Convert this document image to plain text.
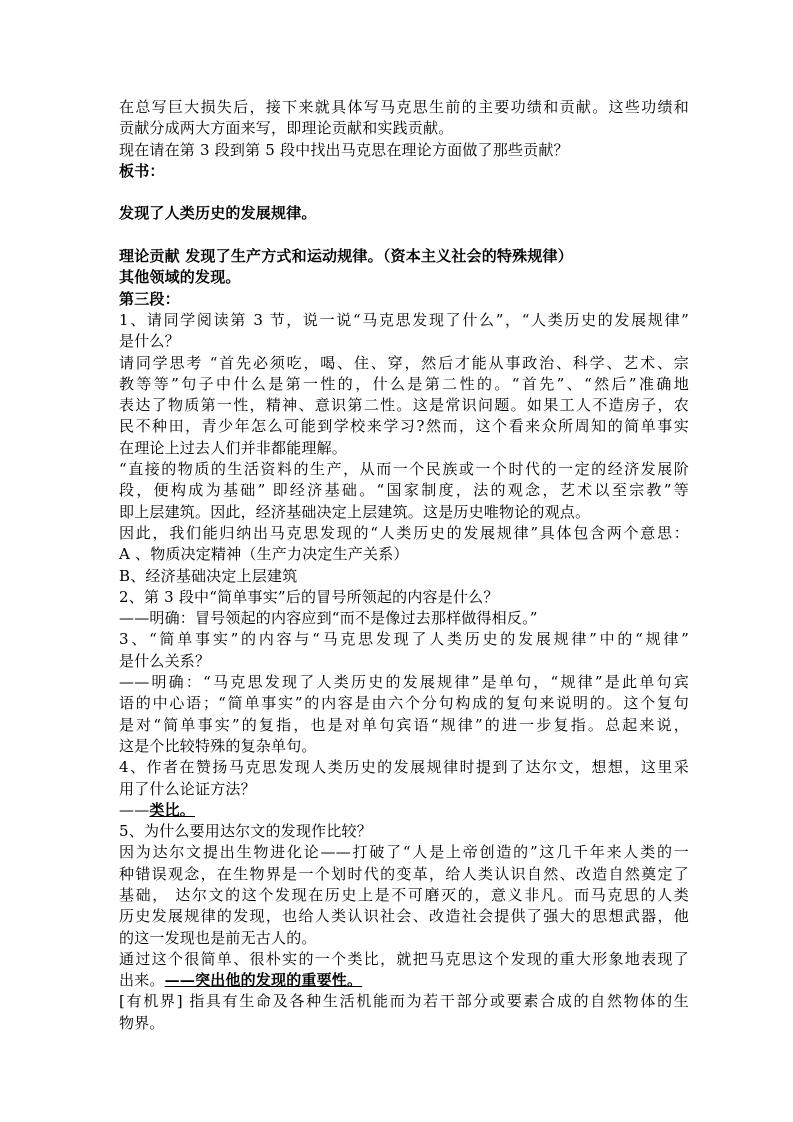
在总写巨大损失后，接下来就具体写马克思生前的主要功绩和贡献。这些功绩和
贡献分成两大方面来写，即理论贡献和实践贡献。
现在请在第 3 段到第 5 段中找出马克思在理论方面做了那些贡献？
板书：
发现了人类历史的发展规律。
理论贡献 发现了生产方式和运动规律。（资本主义社会的特殊规律）
其他领域的发现。
第三段：
1、请同学阅读第 3 节，说一说“马克思发现了什么”，“人类历史的发展规律”
是什么？
请同学思考 “首先必须吃，喝、住、穿，然后才能从事政治、科学、艺术、宗
教等等”句子中什么是第一性的，什么是第二性的。“首先”、“然后”准确地
表达了物质第一性，精神、意识第二性。这是常识问题。如果工人不造房子，农
民不种田，青少年怎么可能到学校来学习?然而，这个看来众所周知的简单事实
在理论上过去人们并非都能理解。
“直接的物质的生活资料的生产，从而一个民族或一个时代的一定的经济发展阶
段，便构成为基础” 即经济基础。“国家制度，法的观念，艺术以至宗教”等
即上层建筑。因此，经济基础决定上层建筑。这是历史唯物论的观点。
因此，我们能归纳出马克思发现的“人类历史的发展规律”具体包含两个意思：
A 、物质决定精神（生产力决定生产关系）
B、经济基础决定上层建筑
2、第 3 段中“简单事实”后的冒号所领起的内容是什么？
——明确：冒号领起的内容应到“而不是像过去那样做得相反。”
3、“简单事实”的内容与“马克思发现了人类历史的发展规律”中的“规律”
是什么关系？
——明确：“马克思发现了人类历史的发展规律”是单句，“规律”是此单句宾
语的中心语；“简单事实”的内容是由六个分句构成的复句来说明的。这个复句
是对“简单事实”的复指，也是对单句宾语“规律”的进一步复指。总起来说，
这是个比较特殊的复杂单句。
4、作者在赞扬马克思发现人类历史的发展规律时提到了达尔文，想想，这里采
用了什么论证方法？
——类比。
5、为什么要用达尔文的发现作比较？
因为达尔文提出生物进化论——打破了“人是上帝创造的”这几千年来人类的一
种错误观念，在生物界是一个划时代的变革，给人类认识自然、改造自然奠定了
基础， 达尔文的这个发现在历史上是不可磨灭的，意义非凡。而马克思的人类
历史发展规律的发现，也给人类认识社会、改造社会提供了强大的思想武器，他
的这一发现也是前无古人的。
通过这个很简单、很朴实的一个类比，就把马克思这个发现的重大形象地表现了
出来。——突出他的发现的重要性。
[有机界] 指具有生命及各种生活机能而为若干部分或要素合成的自然物体的生
物界。
